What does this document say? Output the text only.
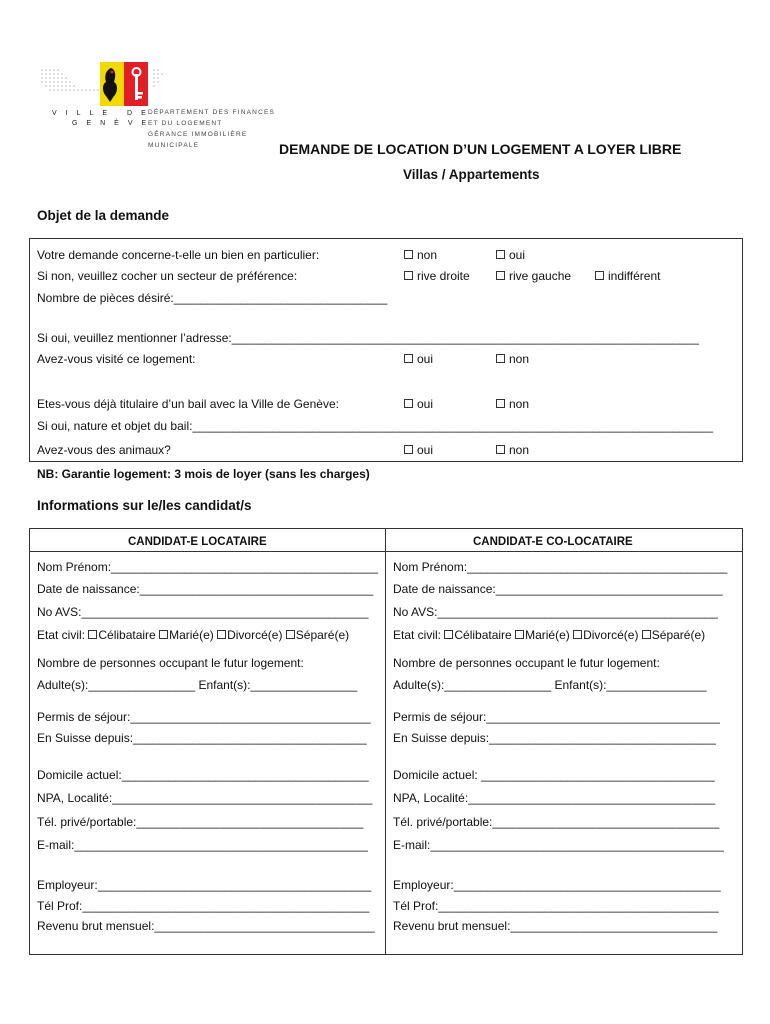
VILLE DE
GENÈVE
DÉPARTEMENT DES FINANCES
ET DU LOGEMENT
GÉRANCE IMMOBILIÈRE
MUNICIPALE	DEMANDE DE LOCATION D’UN LOGEMENT A LOYER LIBRE
Villas / Appartements
Objet de la demande
Votre demande concerne-t-elle un bien en particulier:	non	oui
Si non, veuillez cocher un secteur de préférence:	rive droite	rive gauche	indifférent
Nombre de pièces désiré:________________________________
Si oui, veuillez mentionner l’adresse:______________________________________________________________________
Avez-vous visité ce logement:	oui	non
Etes-vous déjà titulaire d’un bail avec la Ville de Genève:	oui	non
Si oui, nature et objet du bail:______________________________________________________________________________
Avez-vous des animaux?	oui	non
NB: Garantie logement: 3 mois de loyer (sans les charges)
Informations sur le/les candidat/s
CANDIDAT-E LOCATAIRE	CANDIDAT-E CO-LOCATAIRE
Nom Prénom:________________________________________
Date de naissance:___________________________________
No AVS:___________________________________________
Etat civil: Célibataire Marié(e) Divorcé(e) Séparé(e)
Nombre de personnes occupant le futur logement:
Adulte(s):________________ Enfant(s):________________
Permis de séjour:____________________________________
En Suisse depuis:___________________________________
Domicile actuel:_____________________________________
NPA, Localité:_______________________________________
Tél. privé/portable:__________________________________
E-mail:____________________________________________
Employeur:_________________________________________
Tél Prof:___________________________________________
Revenu brut mensuel:_________________________________
Nom Prénom:_______________________________________
Date de naissance:__________________________________
No AVS:__________________________________________
Etat civil: Célibataire Marié(e) Divorcé(e) Séparé(e)
Nombre de personnes occupant le futur logement:
Adulte(s):________________ Enfant(s):_______________
Permis de séjour:___________________________________
En Suisse depuis:__________________________________
Domicile actuel: ___________________________________
NPA, Localité:_____________________________________
Tél. privé/portable:__________________________________
E-mail:____________________________________________
Employeur:________________________________________
Tél Prof:__________________________________________
Revenu brut mensuel:_______________________________
